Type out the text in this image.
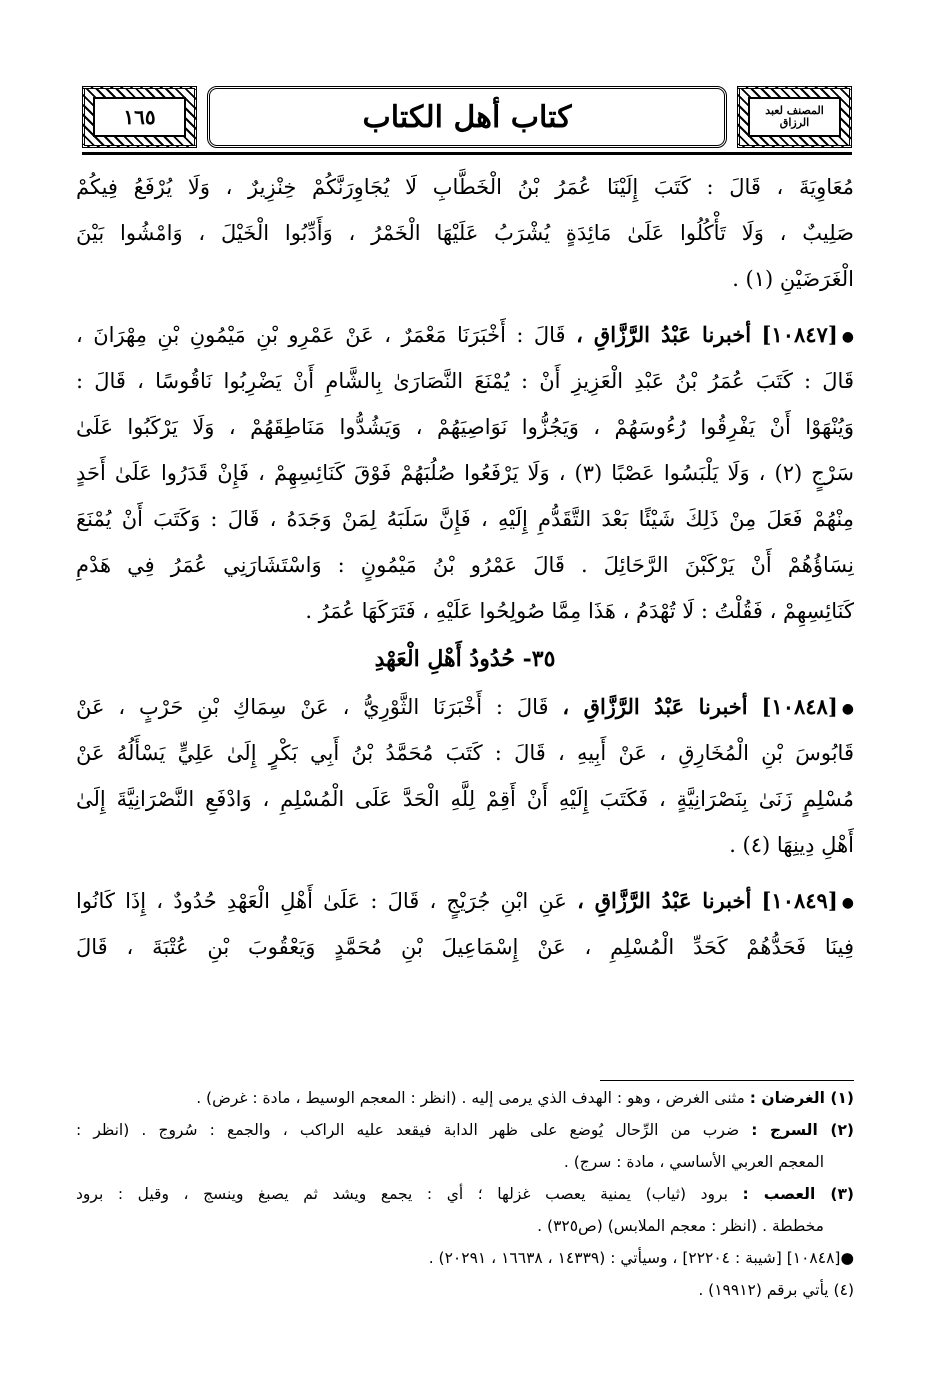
١٦٥	كتاب أهل الكتاب	المصنف لعبد الرزاق
مُعَاوِيَةَ ، قَالَ : كَتَبَ إِلَيْنَا عُمَرُ بْنُ الْخَطَّابِ لَا يُجَاوِرَنَّكُمْ خِنْزِيرٌ ، وَلَا يُرْفَعُ فِيكُمْ
صَلِيبٌ ، وَلَا تَأْكُلُوا عَلَىٰ مَائِدَةٍ يُشْرَبُ عَلَيْهَا الْخَمْرُ ، وَأَدِّبُوا الْخَيْلَ ، وَامْشُوا بَيْنَ
الْغَرَضَيْنِ (١) .
●[١٠٨٤٧] أخبرنا عَبْدُ الرَّزَّاقِ ، قَالَ : أَخْبَرَنَا مَعْمَرٌ ، عَنْ عَمْرِو بْنِ مَيْمُونِ بْنِ مِهْرَانَ ،
قَالَ : كَتَبَ عُمَرُ بْنُ عَبْدِ الْعَزِيزِ أَنْ : يُمْنَعَ النَّصَارَىٰ بِالشَّامِ أَنْ يَضْرِبُوا نَاقُوسًا ، قَالَ :
وَيُنْهَوْا أَنْ يَفْرِقُوا رُءُوسَهُمْ ، وَيَجُزُّوا نَوَاصِيَهُمْ ، وَيَشُدُّوا مَنَاطِقَهُمْ ، وَلَا يَرْكَبُوا عَلَىٰ
سَرْجٍ (٢) ، وَلَا يَلْبَسُوا عَصْبًا (٣) ، وَلَا يَرْفَعُوا صُلُبَهُمْ فَوْقَ كَنَائِسِهِمْ ، فَإِنْ قَدَرُوا عَلَىٰ أَحَدٍ
مِنْهُمْ فَعَلَ مِنْ ذَلِكَ شَيْئًا بَعْدَ التَّقَدُّمِ إِلَيْهِ ، فَإِنَّ سَلَبَهُ لِمَنْ وَجَدَهُ ، قَالَ : وَكَتَبَ أَنْ يُمْنَعَ
نِسَاؤُهُمْ أَنْ يَرْكَبْنَ الرَّحَائِلَ . قَالَ عَمْرُو بْنُ مَيْمُونٍ : وَاسْتَشَارَنِي عُمَرُ فِي هَدْمِ
كَنَائِسِهِمْ ، فَقُلْتُ : لَا تُهْدَمُ ، هَذَا مِمَّا صُولِحُوا عَلَيْهِ ، فَتَرَكَهَا عُمَرُ .
٣٥- حُدُودُ أَهْلِ الْعَهْدِ
●[١٠٨٤٨] أخبرنا عَبْدُ الرَّزَّاقِ ، قَالَ : أَخْبَرَنَا الثَّوْرِيُّ ، عَنْ سِمَاكِ بْنِ حَرْبٍ ، عَنْ
قَابُوسَ بْنِ الْمُخَارِقِ ، عَنْ أَبِيهِ ، قَالَ : كَتَبَ مُحَمَّدُ بْنُ أَبِي بَكْرٍ إِلَىٰ عَلِيٍّ يَسْأَلُهُ عَنْ
مُسْلِمٍ زَنَىٰ بِنَصْرَانِيَّةٍ ، فَكَتَبَ إِلَيْهِ أَنْ أَقِمْ لِلَّهِ الْحَدَّ عَلَى الْمُسْلِمِ ، وَادْفَعِ النَّصْرَانِيَّةَ إِلَىٰ
أَهْلِ دِينِهَا (٤) .
●[١٠٨٤٩] أخبرنا عَبْدُ الرَّزَّاقِ ، عَنِ ابْنِ جُرَيْجٍ ، قَالَ : عَلَىٰ أَهْلِ الْعَهْدِ حُدُودٌ ، إِذَا كَانُوا
فِينَا فَحَدُّهُمْ كَحَدِّ الْمُسْلِمِ ، عَنْ إِسْمَاعِيلَ بْنِ مُحَمَّدٍ وَيَعْقُوبَ بْنِ عُتْبَةَ ، قَالَ
(١) الغرضان : مثنى الغرض ، وهو : الهدف الذي يرمى إليه . (انظر : المعجم الوسيط ، مادة : غرض) .
(٢) السرج : ضرب من الرِّحال يُوضع على ظهر الدابة فيقعد عليه الراكب ، والجمع : سُروج . (انظر :
المعجم العربي الأساسي ، مادة : سرج) .
(٣) العصب : برود (ثياب) يمنية يعصب غزلها ؛ أي : يجمع ويشد ثم يصبغ وينسج ، وقيل : برود
مخططة . (انظر : معجم الملابس) (ص٣٢٥) .
●[١٠٨٤٨] [شيبة : ٢٢٢٠٤] ، وسيأتي : (١٤٣٣٩ ، ١٦٦٣٨ ، ٢٠٢٩١) .
(٤) يأتي برقم (١٩٩١٢) .
